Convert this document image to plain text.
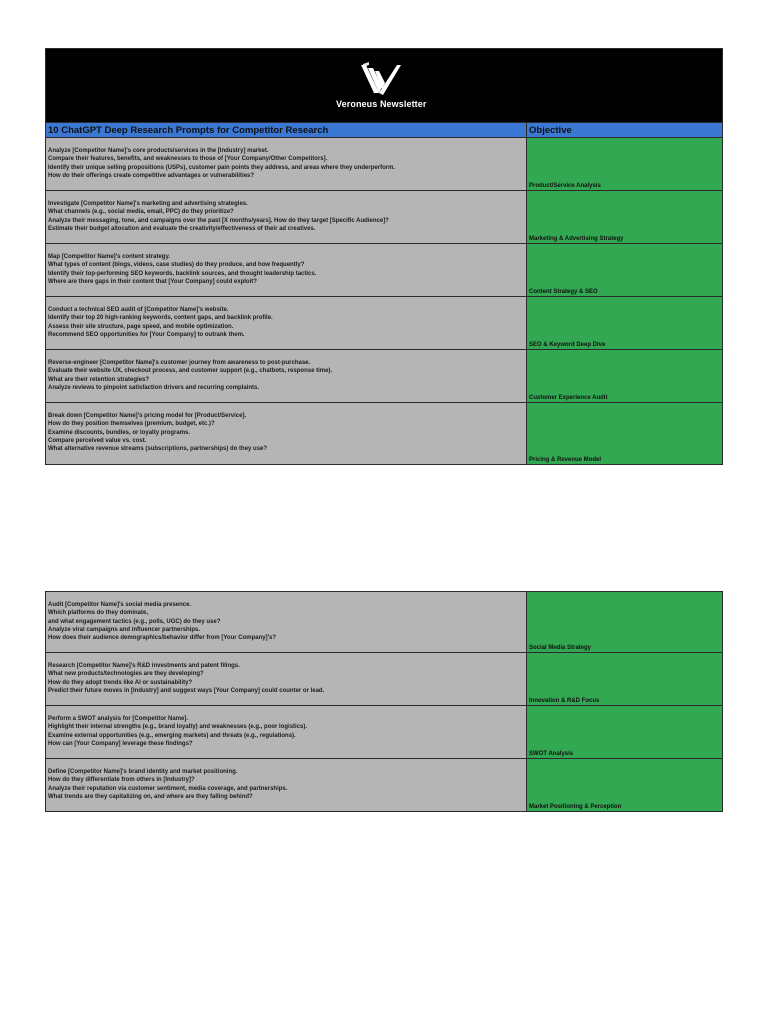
Veroneus Newsletter	

10 ChatGPT Deep Research Prompts for Competitor Research	Objective
Analyze [Competitor Name]'s core products/services in the [Industry] market.
Compare their features, benefits, and weaknesses to those of [Your Company/Other Competitors].
Identify their unique selling propositions (USPs), customer pain points they address, and areas where they underperform.
How do their offerings create competitive advantages or vulnerabilities?	Product/Service Analysis
Investigate [Competitor Name]'s marketing and advertising strategies.
What channels (e.g., social media, email, PPC) do they prioritize?
Analyze their messaging, tone, and campaigns over the past [X months/years]. How do they target [Specific Audience]?
Estimate their budget allocation and evaluate the creativity/effectiveness of their ad creatives.	Marketing & Advertising Strategy
Map [Competitor Name]'s content strategy.
What types of content (blogs, videos, case studies) do they produce, and how frequently?
Identify their top-performing SEO keywords, backlink sources, and thought leadership tactics.
Where are there gaps in their content that [Your Company] could exploit?	Content Strategy & SEO
Conduct a technical SEO audit of [Competitor Name]'s website.
Identify their top 20 high-ranking keywords, content gaps, and backlink profile.
Assess their site structure, page speed, and mobile optimization.
Recommend SEO opportunities for [Your Company] to outrank them.	SEO & Keyword Deep Dive
Reverse-engineer [Competitor Name]'s customer journey from awareness to post-purchase.
Evaluate their website UX, checkout process, and customer support (e.g., chatbots, response time).
What are their retention strategies?
Analyze reviews to pinpoint satisfaction drivers and recurring complaints.	Customer Experience Audit
Break down [Competitor Name]'s pricing model for [Product/Service].
How do they position themselves (premium, budget, etc.)?
Examine discounts, bundles, or loyalty programs.
Compare perceived value vs. cost.
What alternative revenue streams (subscriptions, partnerships) do they use?	Pricing & Revenue Model
Audit [Competitor Name]'s social media presence.
Which platforms do they dominate,
and what engagement tactics (e.g., polls, UGC) do they use?
Analyze viral campaigns and influencer partnerships.
How does their audience demographics/behavior differ from [Your Company]'s?	Social Media Strategy
Research [Competitor Name]'s R&D investments and patent filings.
What new products/technologies are they developing?
How do they adopt trends like AI or sustainability?
Predict their future moves in [Industry] and suggest ways [Your Company] could counter or lead.	Innovation & R&D Focus
Perform a SWOT analysis for [Competitor Name].
Highlight their internal strengths (e.g., brand loyalty) and weaknesses (e.g., poor logistics).
Examine external opportunities (e.g., emerging markets) and threats (e.g., regulations).
How can [Your Company] leverage these findings?	SWOT Analysis
Define [Competitor Name]'s brand identity and market positioning.
How do they differentiate from others in [Industry]?
Analyze their reputation via customer sentiment, media coverage, and partnerships.
What trends are they capitalizing on, and where are they falling behind?	Market Positioning & Perception
